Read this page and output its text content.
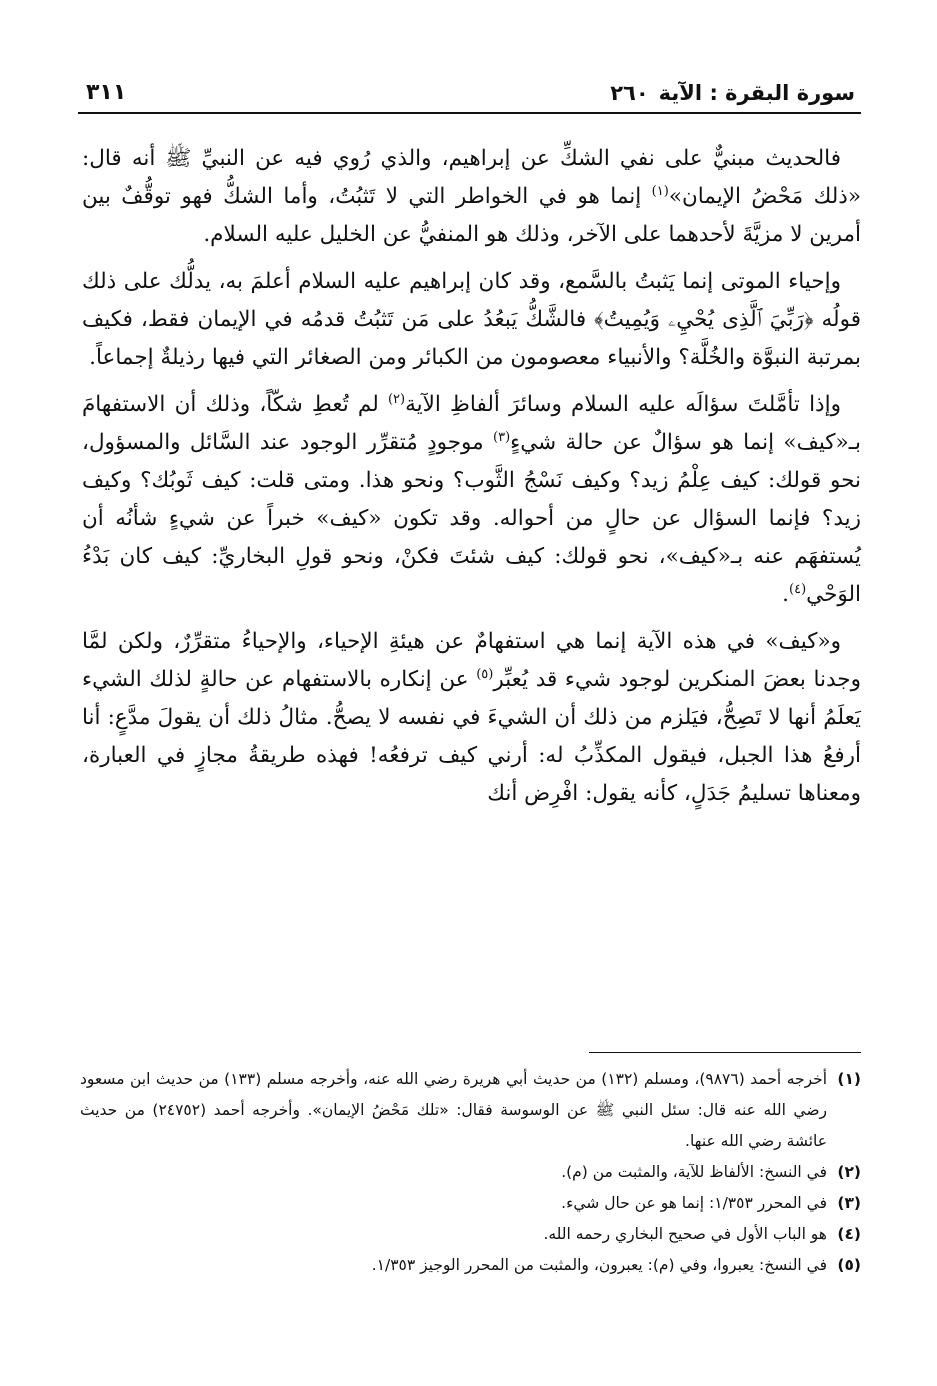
سورة البقرة : الآية٢٦٠
٣١١

فالحديث مبنيٌّ على نفي الشكِّ عن إبراهيم، والذي رُوي فيه عن النبيِّ ﷺ أنه قال: «ذلك مَحْضُ الإيمان»$^{(١)}$ إنما هو في الخواطر التي لا تَثبُتُ، وأما الشكُّ فهو توقُّفٌ بين أمرين لا مزيَّةَ لأحدهما على الآخر، وذلك هو المنفيُّ عن الخليل عليه السلام.

وإحياء الموتى إنما يَثبتُ بالسَّمع، وقد كان إبراهيم عليه السلام أعلمَ به، يدلُّك على ذلك قولُه ﴿رَبِّيَ ٱلَّذِى يُحْيِۦ وَيُمِيتُ﴾ فالشَّكُّ يَبعُدُ على مَن تَثبُتُ قدمُه في الإيمان فقط، فكيف بمرتبة النبوَّة والخُلَّة؟ والأنبياء معصومون من الكبائر ومن الصغائر التي فيها رذيلةٌ إجماعاً.

وإذا تأمَّلتَ سؤالَه عليه السلام وسائرَ ألفاظِ الآية$^{(٢)}$ لم تُعطِ شكّاً، وذلك أن الاستفهامَ بـ«كيف» إنما هو سؤالٌ عن حالة شيءٍ$^{(٣)}$ موجودٍ مُتقرِّر الوجود عند السَّائل والمسؤول، نحو قولك: كيف عِلْمُ زيد؟ وكيف نَسْجُ الثَّوب؟ ونحو هذا. ومتى قلت: كيف ثَوبُك؟ وكيف زيد؟ فإنما السؤال عن حالٍ من أحواله. وقد تكون «كيف» خبراً عن شيءٍ شأنُه أن يُستفهَم عنه بـ«كيف»، نحو قولك: كيف شئتَ فكنْ، ونحو قولِ البخاريِّ: كيف كان بَدْءُ الوَحْي$^{(٤)}$.

و«كيف» في هذه الآية إنما هي استفهامٌ عن هيئةِ الإحياء، والإحياءُ متقرِّرٌ، ولكن لمَّا وجدنا بعضَ المنكرين لوجود شيء قد يُعبِّر$^{(٥)}$ عن إنكاره بالاستفهام عن حالةٍ لذلك الشيء يَعلَمُ أنها لا تَصِحُّ، فيَلزم من ذلك أن الشيءَ في نفسه لا يصحُّ. مثالُ ذلك أن يقولَ مدَّعٍ: أنا أرفعُ هذا الجبل، فيقول المكذِّبُ له: أرني كيف ترفعُه! فهذه طريقةُ مجازٍ في العبارة، ومعناها تسليمُ جَدَلٍ، كأنه يقول: افْرِض أنك

(١)
أخرجه أحمد (٩٨٧٦)، ومسلم (١٣٢) من حديث أبي هريرة رضي الله عنه، وأخرجه مسلم (١٣٣) من حديث ابن مسعود رضي الله عنه قال: سئل النبي ﷺ عن الوسوسة فقال: «تلك مَحْضُ الإيمان». وأخرجه أحمد (٢٤٧٥٢) من حديث عائشة رضي الله عنها.
(٢)
في النسخ: الألفاظ للآية، والمثبت من (م).
(٣)
في المحرر ١/٣٥٣: إنما هو عن حال شيء.
(٤)
هو الباب الأول في صحيح البخاري رحمه الله.
(٥)
في النسخ: يعبروا، وفي (م): يعبرون، والمثبت من المحرر الوجيز ١/٣٥٣.
